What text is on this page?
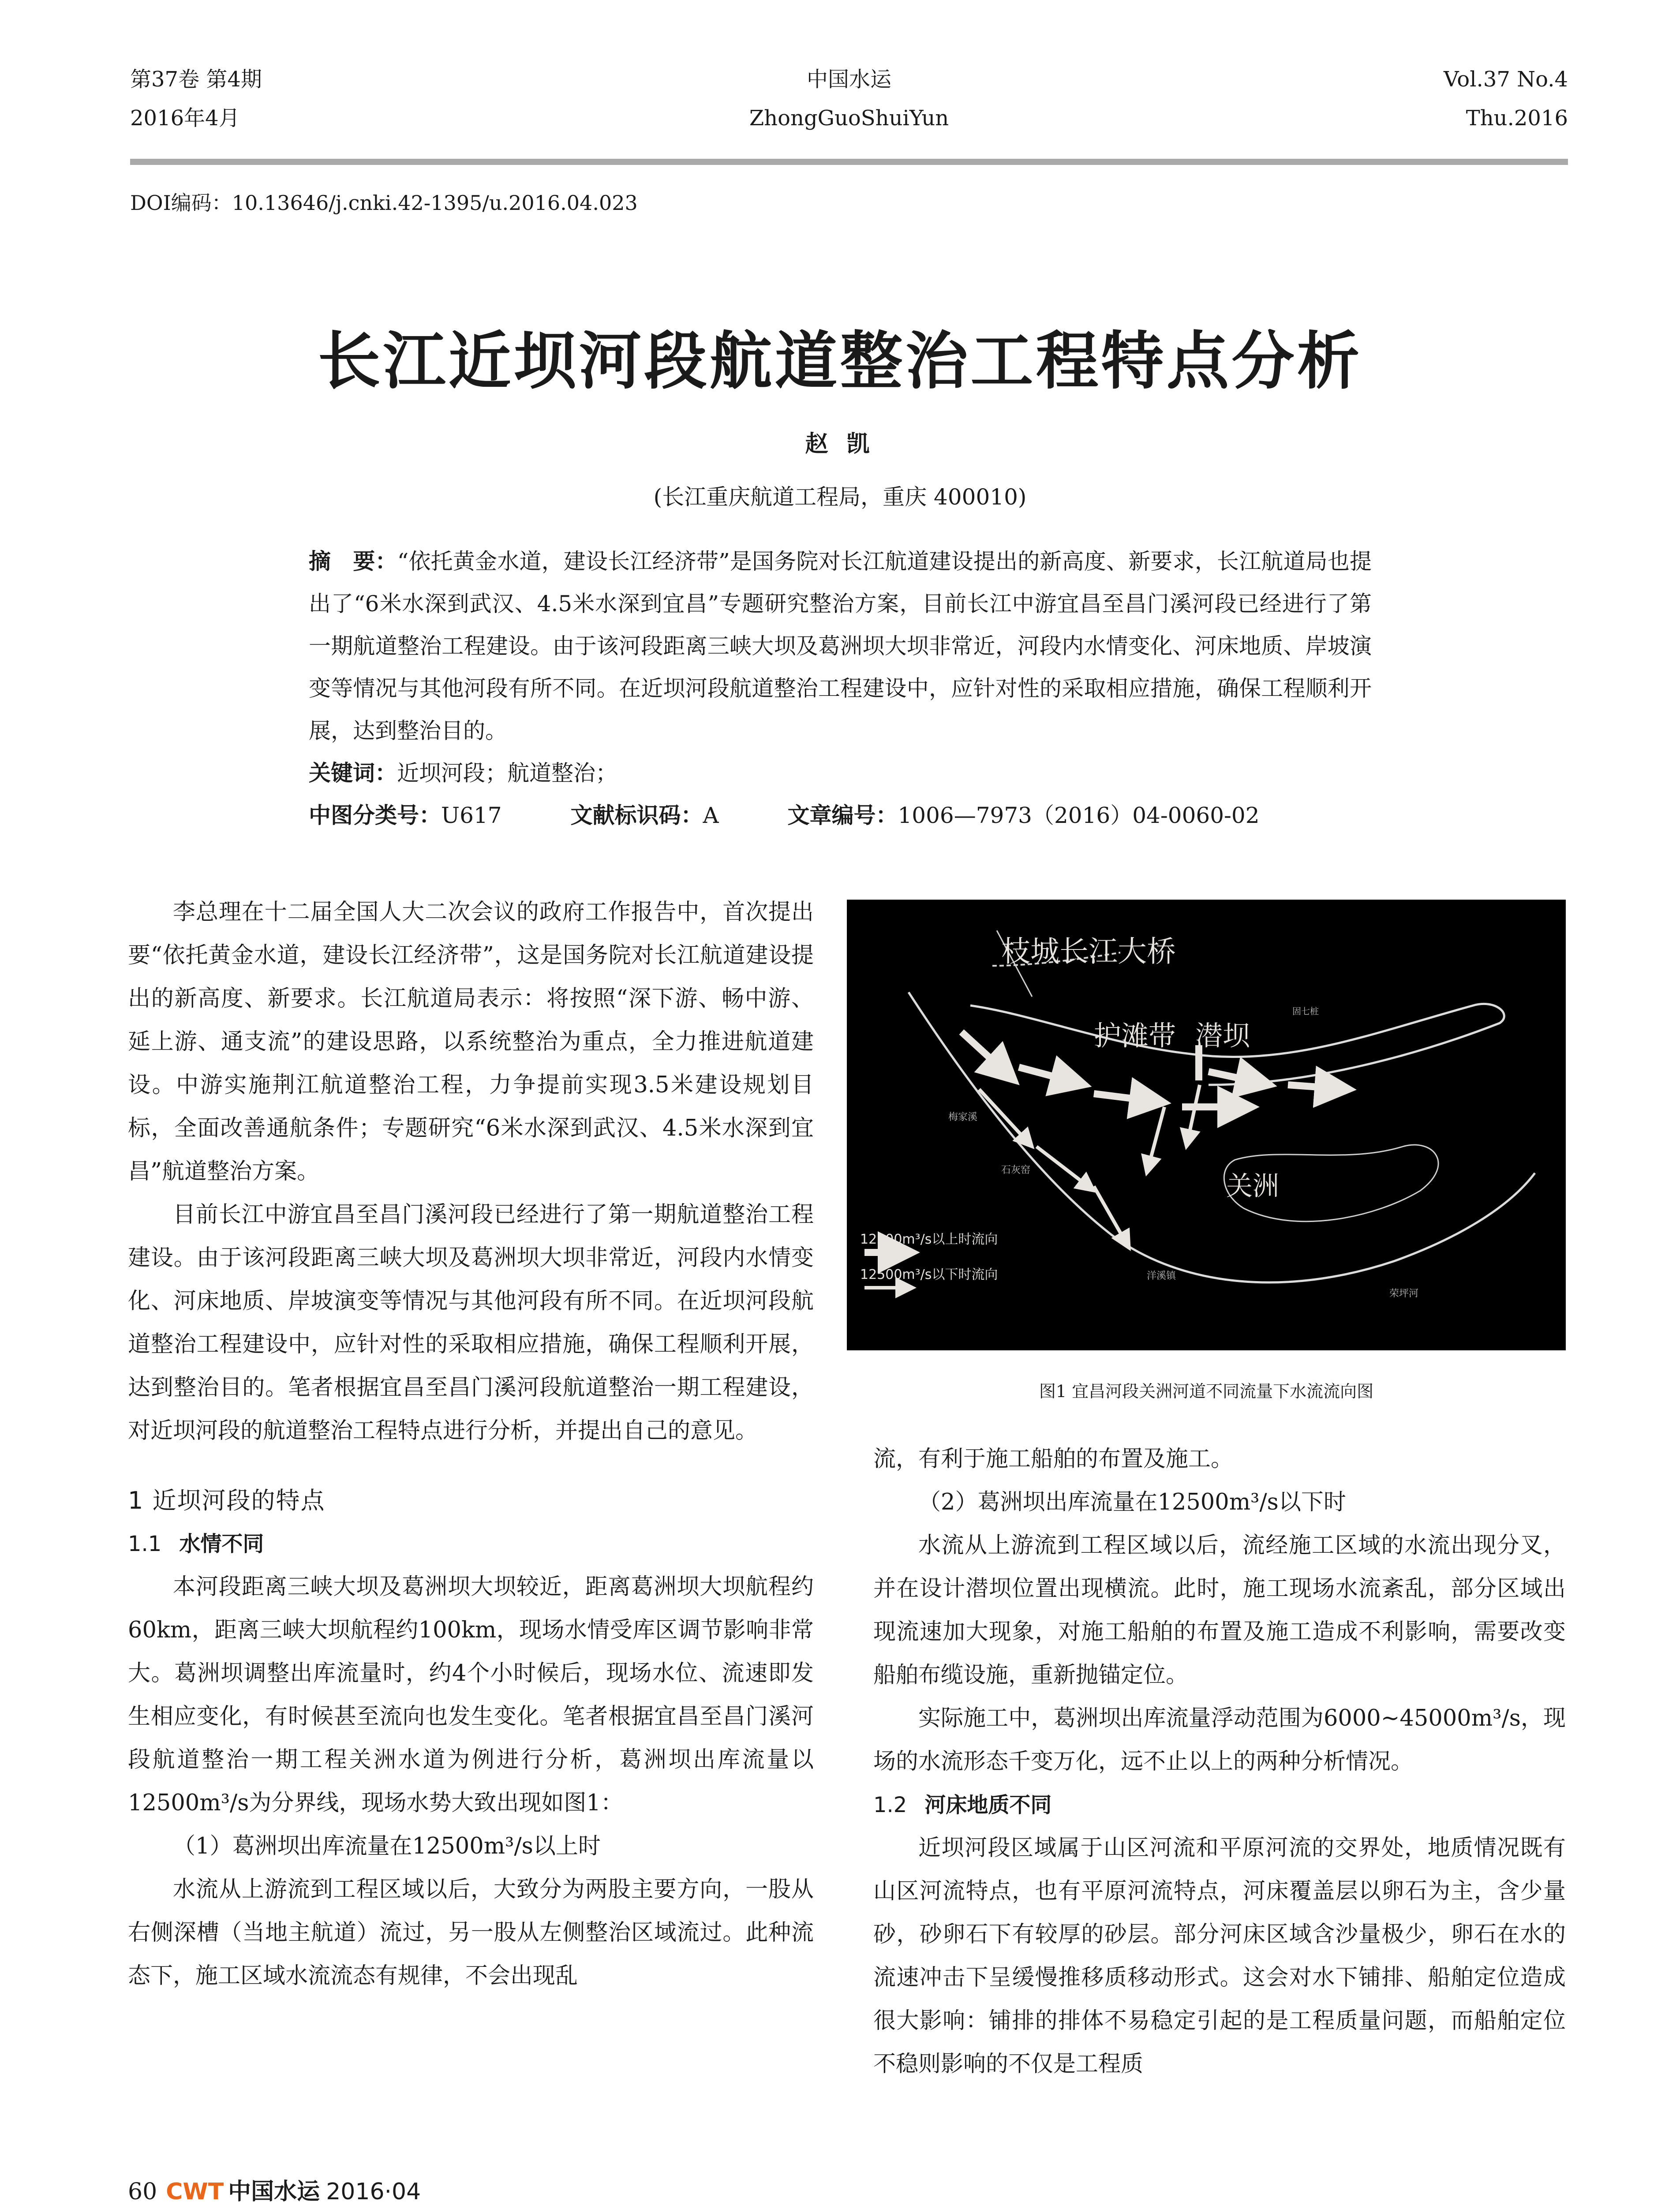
第37卷 第4期
2016年4月
中国水运
ZhongGuoShuiYun
Vol.37 No.4
Thu.2016
DOI编码：10.13646/j.cnki.42-1395/u.2016.04.023
长江近坝河段航道整治工程特点分析
赵 凯
(长江重庆航道工程局，重庆 400010)
摘　要：“依托黄金水道，建设长江经济带”是国务院对长江航道建设提出的新高度、新要求，长江航道局也提出了“6米水深到武汉、4.5米水深到宜昌”专题研究整治方案，目前长江中游宜昌至昌门溪河段已经进行了第一期航道整治工程建设。由于该河段距离三峡大坝及葛洲坝大坝非常近，河段内水情变化、河床地质、岸坡演变等情况与其他河段有所不同。在近坝河段航道整治工程建设中，应针对性的采取相应措施，确保工程顺利开展，达到整治目的。
关键词：近坝河段；航道整治；
中图分类号：U617	文献标识码：A	文章编号：1006—7973（2016）04-0060-02

李总理在十二届全国人大二次会议的政府工作报告中，首次提出要“依托黄金水道，建设长江经济带”，这是国务院对长江航道建设提出的新高度、新要求。长江航道局表示：将按照“深下游、畅中游、延上游、通支流”的建设思路，以系统整治为重点，全力推进航道建设。中游实施荆江航道整治工程，力争提前实现3.5米建设规划目标，全面改善通航条件；专题研究“6米水深到武汉、4.5米水深到宜昌”航道整治方案。

目前长江中游宜昌至昌门溪河段已经进行了第一期航道整治工程建设。由于该河段距离三峡大坝及葛洲坝大坝非常近，河段内水情变化、河床地质、岸坡演变等情况与其他河段有所不同。在近坝河段航道整治工程建设中，应针对性的采取相应措施，确保工程顺利开展，达到整治目的。笔者根据宜昌至昌门溪河段航道整治一期工程建设，对近坝河段的航道整治工程特点进行分析，并提出自己的意见。

1 近坝河段的特点

1.1 水情不同

本河段距离三峡大坝及葛洲坝大坝较近，距离葛洲坝大坝航程约60km，距离三峡大坝航程约100km，现场水情受库区调节影响非常大。葛洲坝调整出库流量时，约4个小时候后，现场水位、流速即发生相应变化，有时候甚至流向也发生变化。笔者根据宜昌至昌门溪河段航道整治一期工程关洲水道为例进行分析，葛洲坝出库流量以12500m³/s为分界线，现场水势大致出现如图1：

（1）葛洲坝出库流量在12500m³/s以上时

水流从上游流到工程区域以后，大致分为两股主要方向，一股从右侧深槽（当地主航道）流过，另一股从左侧整治区域流过。此种流态下，施工区域水流流态有规律，不会出现乱

枝城长江大桥
护滩带 潜坝
关洲
12500m³/s以上时流向
12500m³/s以下时流向
梅家溪
石灰窑
洋溪镇
荣坪河
固七桩
图1 宜昌河段关洲河道不同流量下水流流向图

流，有利于施工船舶的布置及施工。

（2）葛洲坝出库流量在12500m³/s以下时

水流从上游流到工程区域以后，流经施工区域的水流出现分叉，并在设计潜坝位置出现横流。此时，施工现场水流紊乱，部分区域出现流速加大现象，对施工船舶的布置及施工造成不利影响，需要改变船舶布缆设施，重新抛锚定位。

实际施工中，葛洲坝出库流量浮动范围为6000~45000m³/s，现场的水流形态千变万化，远不止以上的两种分析情况。

1.2 河床地质不同

近坝河段区域属于山区河流和平原河流的交界处，地质情况既有山区河流特点，也有平原河流特点，河床覆盖层以卵石为主，含少量砂，砂卵石下有较厚的砂层。部分河床区域含沙量极少，卵石在水的流速冲击下呈缓慢推移质移动形式。这会对水下铺排、船舶定位造成很大影响：铺排的排体不易稳定引起的是工程质量问题，而船舶定位不稳则影响的不仅是工程质

60 CWT 中国水运 2016·04
